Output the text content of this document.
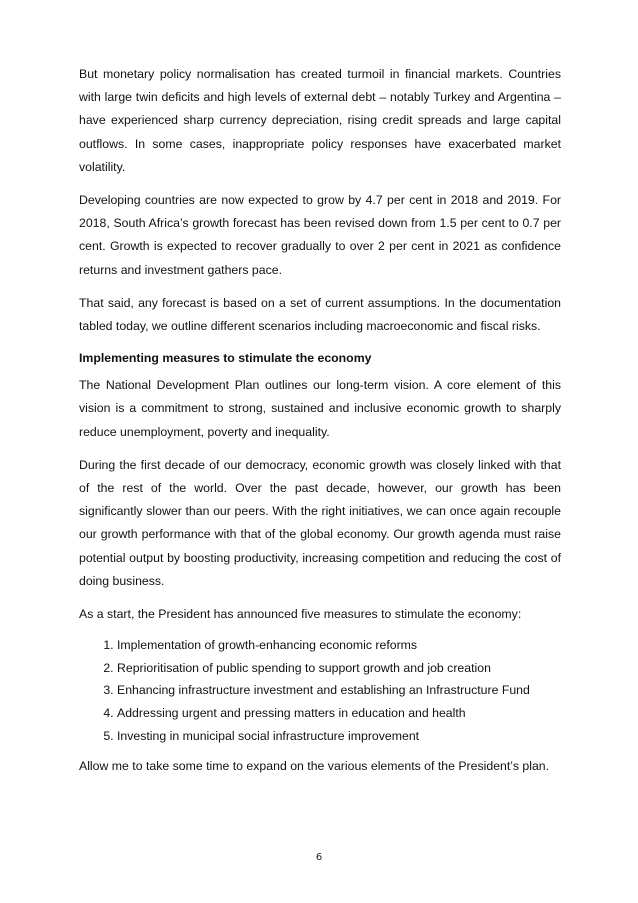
But monetary policy normalisation has created turmoil in financial markets. Countries with large twin deficits and high levels of external debt – notably Turkey and Argentina – have experienced sharp currency depreciation, rising credit spreads and large capital outflows. In some cases, inappropriate policy responses have exacerbated market volatility.

Developing countries are now expected to grow by 4.7 per cent in 2018 and 2019. For 2018, South Africa’s growth forecast has been revised down from 1.5 per cent to 0.7 per cent. Growth is expected to recover gradually to over 2 per cent in 2021 as confidence returns and investment gathers pace.

That said, any forecast is based on a set of current assumptions. In the documentation tabled today, we outline different scenarios including macroeconomic and fiscal risks.

Implementing measures to stimulate the economy

The National Development Plan outlines our long-term vision. A core element of this vision is a commitment to strong, sustained and inclusive economic growth to sharply reduce unemployment, poverty and inequality.

During the first decade of our democracy, economic growth was closely linked with that of the rest of the world. Over the past decade, however, our growth has been significantly slower than our peers. With the right initiatives, we can once again recouple our growth performance with that of the global economy. Our growth agenda must raise potential output by boosting productivity, increasing competition and reducing the cost of doing business.

As a start, the President has announced five measures to stimulate the economy:

1. Implementation of growth-enhancing economic reforms
2. Reprioritisation of public spending to support growth and job creation
3. Enhancing infrastructure investment and establishing an Infrastructure Fund
4. Addressing urgent and pressing matters in education and health
5. Investing in municipal social infrastructure improvement

Allow me to take some time to expand on the various elements of the President’s plan.

6
